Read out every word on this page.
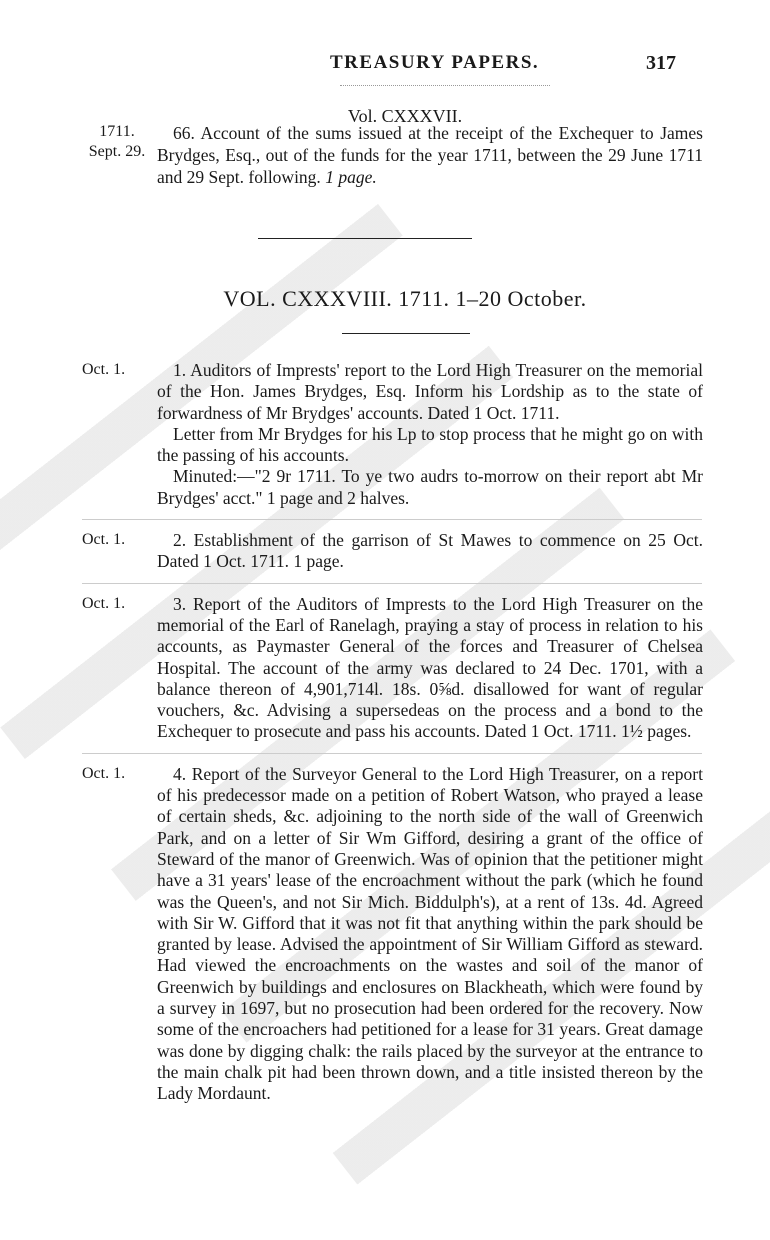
TREASURY PAPERS.	317
Vol. CXXXVII.
1711.
Sept. 29.
66. Account of the sums issued at the receipt of the Exchequer to James Brydges, Esq., out of the funds for the year 1711, between the 29 June 1711 and 29 Sept. following. 1 page.
VOL. CXXXVIII. 1711. 1–20 October.
Oct. 1.	1. Auditors of Imprests' report to the Lord High Treasurer on the memorial of the Hon. James Brydges, Esq. Inform his Lordship as to the state of forwardness of Mr Brydges' accounts. Dated 1 Oct. 1711.

Letter from Mr Brydges for his Lp to stop process that he might go on with the passing of his accounts.

Minuted:—"2 9r 1711. To ye two audrs to-morrow on their report abt Mr Brydges' acct." 1 page and 2 halves.

Oct. 1.	2. Establishment of the garrison of St Mawes to commence on 25 Oct. Dated 1 Oct. 1711. 1 page.

Oct. 1.	3. Report of the Auditors of Imprests to the Lord High Treasurer on the memorial of the Earl of Ranelagh, praying a stay of process in relation to his accounts, as Paymaster General of the forces and Treasurer of Chelsea Hospital. The account of the army was declared to 24 Dec. 1701, with a balance thereon of 4,901,714l. 18s. 0⅝d. disallowed for want of regular vouchers, &c. Advising a supersedeas on the process and a bond to the Exchequer to prosecute and pass his accounts. Dated 1 Oct. 1711. 1½ pages.

Oct. 1.	4. Report of the Surveyor General to the Lord High Treasurer, on a report of his predecessor made on a petition of Robert Watson, who prayed a lease of certain sheds, &c. adjoining to the north side of the wall of Greenwich Park, and on a letter of Sir Wm Gifford, desiring a grant of the office of Steward of the manor of Greenwich. Was of opinion that the petitioner might have a 31 years' lease of the encroachment without the park (which he found was the Queen's, and not Sir Mich. Biddulph's), at a rent of 13s. 4d. Agreed with Sir W. Gifford that it was not fit that anything within the park should be granted by lease. Advised the appointment of Sir William Gifford as steward. Had viewed the encroachments on the wastes and soil of the manor of Greenwich by buildings and enclosures on Blackheath, which were found by a survey in 1697, but no prosecution had been ordered for the recovery. Now some of the encroachers had petitioned for a lease for 31 years. Great damage was done by digging chalk: the rails placed by the surveyor at the entrance to the main chalk pit had been thrown down, and a title insisted thereon by the Lady Mordaunt.
